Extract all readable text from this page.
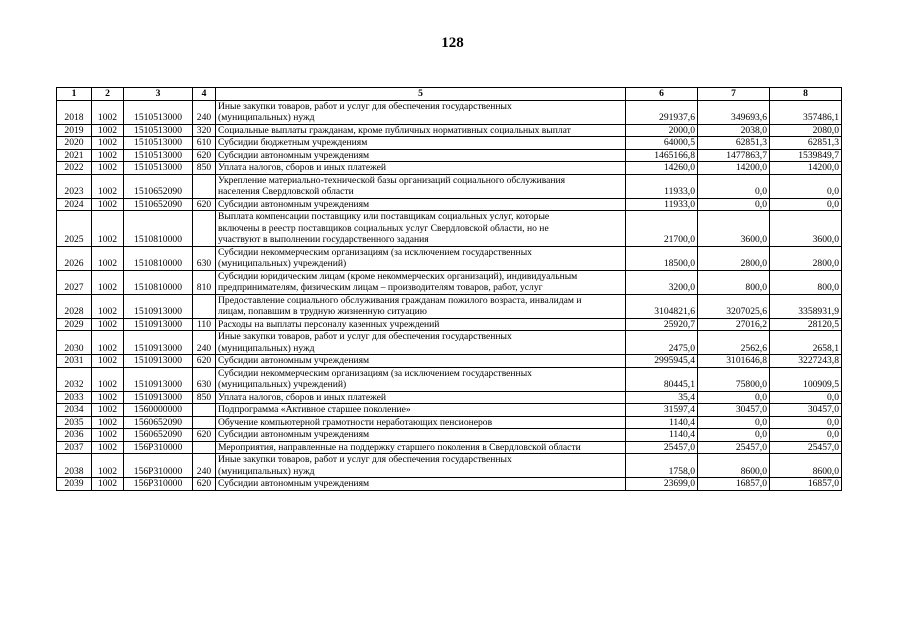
128
1	2	3	4	5	6	7	8
2018	1002	1510513000	240	Иные закупки товаров, работ и услуг для обеспечения государственных
(муниципальных) нужд	291937,6	349693,6	357486,1
2019	1002	1510513000	320	Социальные выплаты гражданам, кроме публичных нормативных социальных выплат	2000,0	2038,0	2080,0
2020	1002	1510513000	610	Субсидии бюджетным учреждениям	64000,5	62851,3	62851,3
2021	1002	1510513000	620	Субсидии автономным учреждениям	1465166,8	1477863,7	1539849,7
2022	1002	1510513000	850	Уплата налогов, сборов и иных платежей	14260,0	14200,0	14200,0
2023	1002	1510652090		Укрепление материально-технической базы организаций социального обслуживания
населения Свердловской области	11933,0	0,0	0,0
2024	1002	1510652090	620	Субсидии автономным учреждениям	11933,0	0,0	0,0
2025	1002	1510810000		Выплата компенсации поставщику или поставщикам социальных услуг, которые
включены в реестр поставщиков социальных услуг Свердловской области, но не
участвуют в выполнении государственного задания	21700,0	3600,0	3600,0
2026	1002	1510810000	630	Субсидии некоммерческим организациям (за исключением государственных
(муниципальных) учреждений)	18500,0	2800,0	2800,0
2027	1002	1510810000	810	Субсидии юридическим лицам (кроме некоммерческих организаций), индивидуальным
предпринимателям, физическим лицам – производителям товаров, работ, услуг	3200,0	800,0	800,0
2028	1002	1510913000		Предоставление социального обслуживания гражданам пожилого возраста, инвалидам и
лицам, попавшим в трудную жизненную ситуацию	3104821,6	3207025,6	3358931,9
2029	1002	1510913000	110	Расходы на выплаты персоналу казенных учреждений	25920,7	27016,2	28120,5
2030	1002	1510913000	240	Иные закупки товаров, работ и услуг для обеспечения государственных
(муниципальных) нужд	2475,0	2562,6	2658,1
2031	1002	1510913000	620	Субсидии автономным учреждениям	2995945,4	3101646,8	3227243,8
2032	1002	1510913000	630	Субсидии некоммерческим организациям (за исключением государственных
(муниципальных) учреждений)	80445,1	75800,0	100909,5
2033	1002	1510913000	850	Уплата налогов, сборов и иных платежей	35,4	0,0	0,0
2034	1002	1560000000		Подпрограмма «Активное старшее поколение»	31597,4	30457,0	30457,0
2035	1002	1560652090		Обучение компьютерной грамотности неработающих пенсионеров	1140,4	0,0	0,0
2036	1002	1560652090	620	Субсидии автономным учреждениям	1140,4	0,0	0,0
2037	1002	156P310000		Мероприятия, направленные на поддержку старшего поколения в Свердловской области	25457,0	25457,0	25457,0
2038	1002	156P310000	240	Иные закупки товаров, работ и услуг для обеспечения государственных
(муниципальных) нужд	1758,0	8600,0	8600,0
2039	1002	156P310000	620	Субсидии автономным учреждениям	23699,0	16857,0	16857,0
